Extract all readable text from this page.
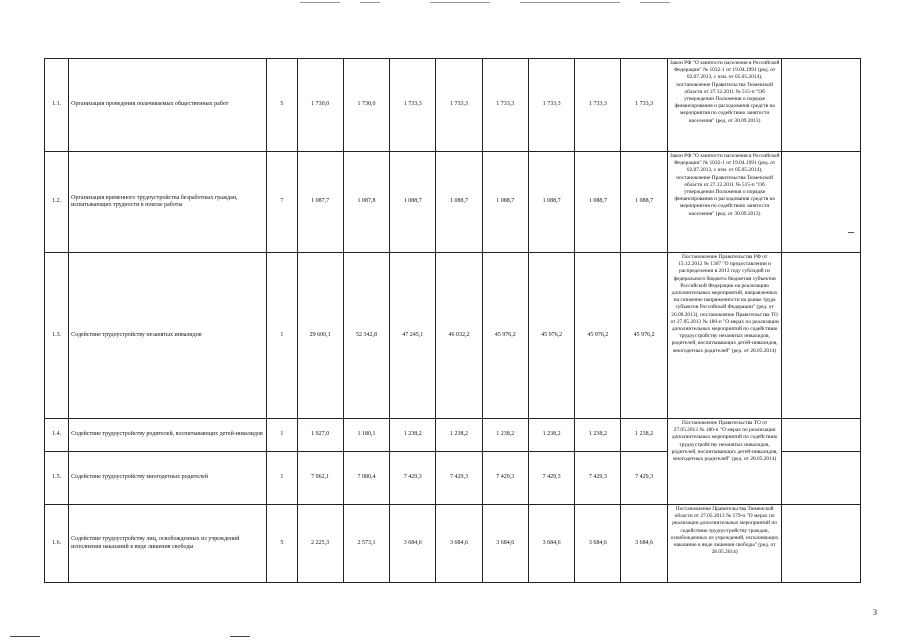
1.1.	Организация проведения оплачиваемых общественных работ	5	1 730,0	1 730,0	1 733,3	1 733,3	1 733,3	1 733,3	1 733,3	1 733,3	Закон РФ "О занятости населения в Российской Федерации" № 1032-1 от 19.04.1991 (ред. от 02.07.2013, с изм. от 05.05.2014), постановление Правительства Тюменской области от 27.12.2011 № 515-п "Об утверждении Положения о порядке финансирования и расходования средств на мероприятия по содействию занятости населения" (ред. от 30.09.2013)	
1.2.	Организация временного трудоустройства безработных граждан, испытывающих трудности в поиске работы	7	1 087,7	1 087,8	1 088,7	1 088,7	1 088,7	1 088,7	1 088,7	1 088,7	Закон РФ "О занятости населения в Российской Федерации" № 1032-1 от 19.04.1991 (ред. от 02.07.2013, с изм. от 05.05.2014), постановление Правительства Тюменской области от 27.12.2011 № 515-п "Об утверждении Положения о порядке финансирования и расходования средств на мероприятия по содействию занятости населения" (ред. от 30.09.2013)	
1.3.	Содействие трудоустройству незанятых инвалидов	1	29 600,1	52 342,8	47 245,1	46 032,2	45 976,2	45 976,2	45 976,2	45 976,2	Постановление Правительства РФ от 15.12.2012 № 1307 "О предоставлении и распределении в 2013 году субсидий из федерального бюджета бюджетам субъектов Российской Федерации на реализацию дополнительных мероприятий, направленных на снижение напряженности на рынке труда субъектов Российской Федерации" (ред. от 26.09.2013), постановление Правительства ТО от 27.05.2013 № 180-п "О мерах по реализации дополнительных мероприятий по содействию трудоустройству незанятых инвалидов, родителей, воспитывающих детей-инвалидов, многодетных родителей" (ред. от 28.05.2014)	
1.4.	Содействие трудоустройству родителей, воспитывающих детей-инвалидов	1	1 927,0	1 180,1	1 238,2	1 238,2	1 238,2	1 238,2	1 238,2	1 238,2	Постановление Правительства ТО от 27.05.2013 № 180-п "О мерах по реализации дополнительных мероприятий по содействию трудоустройству незанятых инвалидов, родителей, воспитывающих детей-инвалидов, многодетных родителей" (ред. от 28.05.2014)	
1.5.	Содействие трудоустройству многодетных родителей	1	7 062,1	7 080,4	7 429,3	7 429,3	7 429,3	7 429,3	7 429,3	7 429,3		
1.6.	Содействие трудоустройству лиц, освобожденных из учреждений исполнения наказаний в виде лишения свободы	5	2 225,3	2 573,1	3 684,6	3 684,6	3 684,6	3 684,6	3 684,6	3 684,6	Постановление Правительства Тюменской области от 27.05.2013 № 179-п "О мерах по реализации дополнительных мероприятий по содействию трудоустройству граждан, освобожденных из учреждений, исполняющих наказание в виде лишения свободы" (ред. от 28.05.2014)	
3
